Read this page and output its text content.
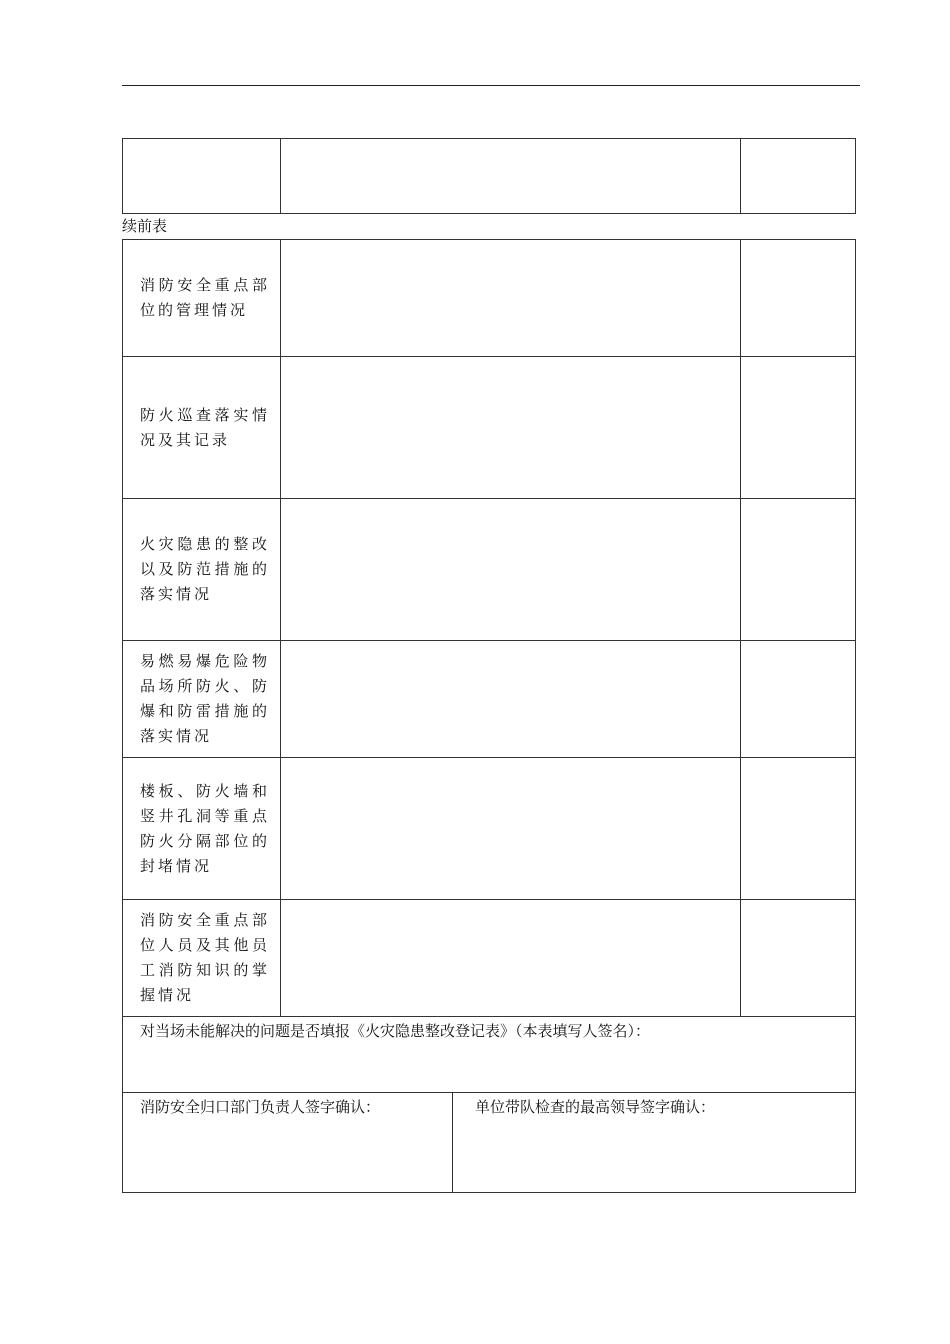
续前表
消防安全重点部位的管理情况			

防火巡查落实情况及其记录			

火灾隐患的整改以及防范措施的落实情况			

易燃易爆危险物品场所防火、防爆和防雷措施的落实情况			

楼板、防火墙和竖井孔洞等重点防火分隔部位的封堵情况			

消防安全重点部位人员及其他员工消防知识的掌握情况			

对当场未能解决的问题是否填报《火灾隐患整改登记表》（本表填写人签名）：			
消防安全归口部门负责人签字确认：		单位带队检查的最高领导签字确认：	
